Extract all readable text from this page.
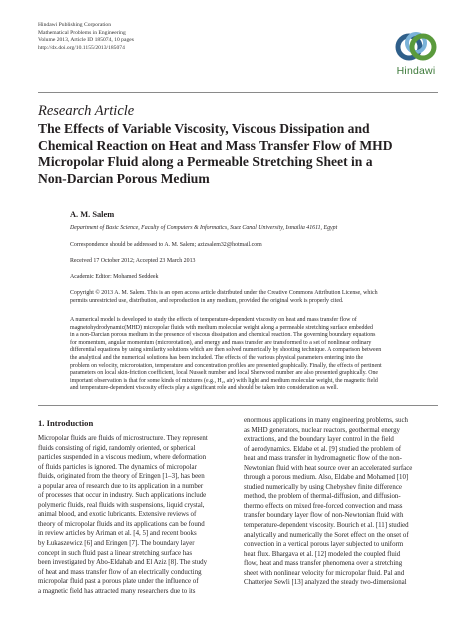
Hindawi Publishing Corporation
Mathematical Problems in Engineering
Volume 2013, Article ID 185074, 10 pages
http://dx.doi.org/10.1155/2013/185074
Hindawi
Research Article
The Effects of Variable Viscosity, Viscous Dissipation and
Chemical Reaction on Heat and Mass Transfer Flow of MHD
Micropolar Fluid along a Permeable Stretching Sheet in a
Non-Darcian Porous Medium
A. M. Salem
Department of Basic Science, Faculty of Computers & Informatics, Suez Canal University, Ismailia 41611, Egypt
Correspondence should be addressed to A. M. Salem; azizsalem32@hotmail.com
Received 17 October 2012; Accepted 23 March 2013
Academic Editor: Mohamed Seddeek
Copyright © 2013 A. M. Salem. This is an open access article distributed under the Creative Commons Attribution License, which
permits unrestricted use, distribution, and reproduction in any medium, provided the original work is properly cited.
A numerical model is developed to study the effects of temperature-dependent viscosity on heat and mass transfer flow of
magnetohydrodynamic(MHD) micropolar fluids with medium molecular weight along a permeable stretching surface embedded
in a non-Darcian porous medium in the presence of viscous dissipation and chemical reaction. The governing boundary equations
for momentum, angular momentum (microrotation), and energy and mass transfer are transformed to a set of nonlinear ordinary
differential equations by using similarity solutions which are then solved numerically by shooting technique. A comparison between
the analytical and the numerical solutions has been included. The effects of the various physical parameters entering into the
problem on velocity, microrotation, temperature and concentration profiles are presented graphically. Finally, the effects of pertinent
parameters on local skin-friction coefficient, local Nusselt number and local Sherwood number are also presented graphically. One
important observation is that for some kinds of mixtures (e.g., H₂, air) with light and medium molecular weight, the magnetic field
and temperature-dependent viscosity effects play a significant role and should be taken into consideration as well.
1. Introduction
Micropolar fluids are fluids of microstructure. They represent
fluids consisting of rigid, randomly oriented, or spherical
particles suspended in a viscous medium, where deformation
of fluids particles is ignored. The dynamics of micropolar
fluids, originated from the theory of Eringen [1–3], has been
a popular area of research due to its application in a number
of processes that occur in industry. Such applications include
polymeric fluids, real fluids with suspensions, liquid crystal,
animal blood, and exotic lubricants. Extensive reviews of
theory of micropolar fluids and its applications can be found
in review articles by Ariman et al. [4, 5] and recent books
by Łukaszewicz [6] and Eringen [7]. The boundary layer
concept in such fluid past a linear stretching surface has
been investigated by Abo-Eldahab and El Aziz [8]. The study
of heat and mass transfer flow of an electrically conducting
micropolar fluid past a porous plate under the influence of
a magnetic field has attracted many researchers due to its
enormous applications in many engineering problems, such
as MHD generators, nuclear reactors, geothermal energy
extractions, and the boundary layer control in the field
of aerodynamics. Eldabe et al. [9] studied the problem of
heat and mass transfer in hydromagnetic flow of the non-
Newtonian fluid with heat source over an accelerated surface
through a porous medium. Also, Eldabe and Mohamed [10]
studied numerically by using Chebyshev finite difference
method, the problem of thermal-diffusion, and diffusion-
thermo effects on mixed free-forced convection and mass
transfer boundary layer flow of non-Newtonian fluid with
temperature-dependent viscosity. Bourich et al. [11] studied
analytically and numerically the Soret effect on the onset of
convection in a vertical porous layer subjected to uniform
heat flux. Bhargava et al. [12] modeled the coupled fluid
flow, heat and mass transfer phenomena over a stretching
sheet with nonlinear velocity for micropolar fluid. Pal and
Chatterjee Sewli [13] analyzed the steady two-dimensional
